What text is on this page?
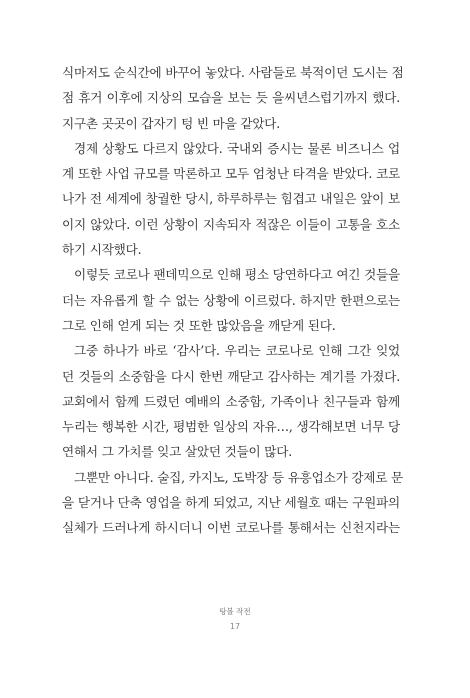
식마저도 순식간에 바꾸어 놓았다. 사람들로 북적이던 도시는 점
점 휴거 이후에 지상의 모습을 보는 듯 을씨년스럽기까지 했다.
지구촌 곳곳이 갑자기 텅 빈 마을 같았다.
경제 상황도 다르지 않았다. 국내외 증시는 물론 비즈니스 업
계 또한 사업 규모를 막론하고 모두 엄청난 타격을 받았다. 코로
나가 전 세계에 창궐한 당시, 하루하루는 힘겹고 내일은 앞이 보
이지 않았다. 이런 상황이 지속되자 적잖은 이들이 고통을 호소
하기 시작했다.
이렇듯 코로나 팬데믹으로 인해 평소 당연하다고 여긴 것들을
더는 자유롭게 할 수 없는 상황에 이르렀다. 하지만 한편으로는
그로 인해 얻게 되는 것 또한 많았음을 깨닫게 된다.
그중 하나가 바로 ‘감사’다. 우리는 코로나로 인해 그간 잊었
던 것들의 소중함을 다시 한번 깨닫고 감사하는 계기를 가졌다.
교회에서 함께 드렸던 예배의 소중함, 가족이나 친구들과 함께
누리는 행복한 시간, 평범한 일상의 자유…, 생각해보면 너무 당
연해서 그 가치를 잊고 살았던 것들이 많다.
그뿐만 아니다. 술집, 카지노, 도박장 등 유흥업소가 강제로 문
을 닫거나 단축 영업을 하게 되었고, 지난 세월호 때는 구원파의
실체가 드러나게 하시더니 이번 코로나를 통해서는 신천지라는
탕볼 작전
17
